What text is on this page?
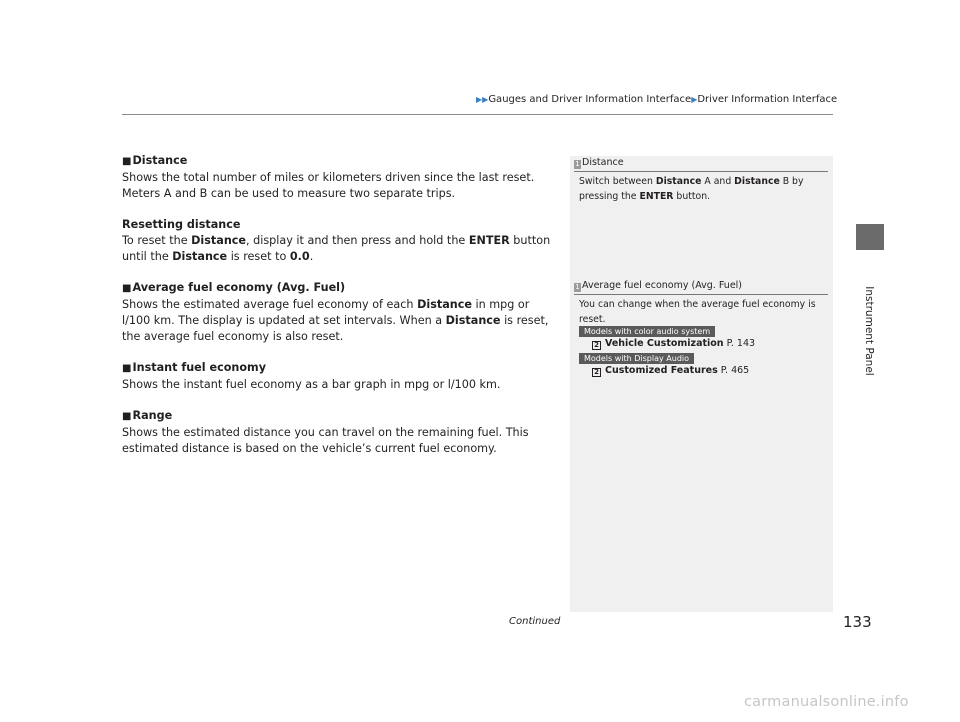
▶▶Gauges and Driver Information Interface▶Driver Information Interface

■Distance

Shows the total number of miles or kilometers driven since the last reset. Meters A and B can be used to measure two separate trips.

Resetting distance

To reset the Distance, display it and then press and hold the ENTER button until the Distance is reset to 0.0.

■Average fuel economy (Avg. Fuel)

Shows the estimated average fuel economy of each Distance in mpg or l/100 km. The display is updated at set intervals. When a Distance is reset, the average fuel economy is also reset.

■Instant fuel economy

Shows the instant fuel economy as a bar graph in mpg or l/100 km.

■Range

Shows the estimated distance you can travel on the remaining fuel. This estimated distance is based on the vehicle’s current fuel economy.

1 Distance
Switch between Distance A and Distance B by pressing the ENTER button.
1 Average fuel economy (Avg. Fuel)
You can change when the average fuel economy is reset.
Models with color audio system
2 Vehicle Customization P. 143
Models with Display Audio
2 Customized Features P. 465	Instrument Panel
Continued	133
carmanualsonline.info
